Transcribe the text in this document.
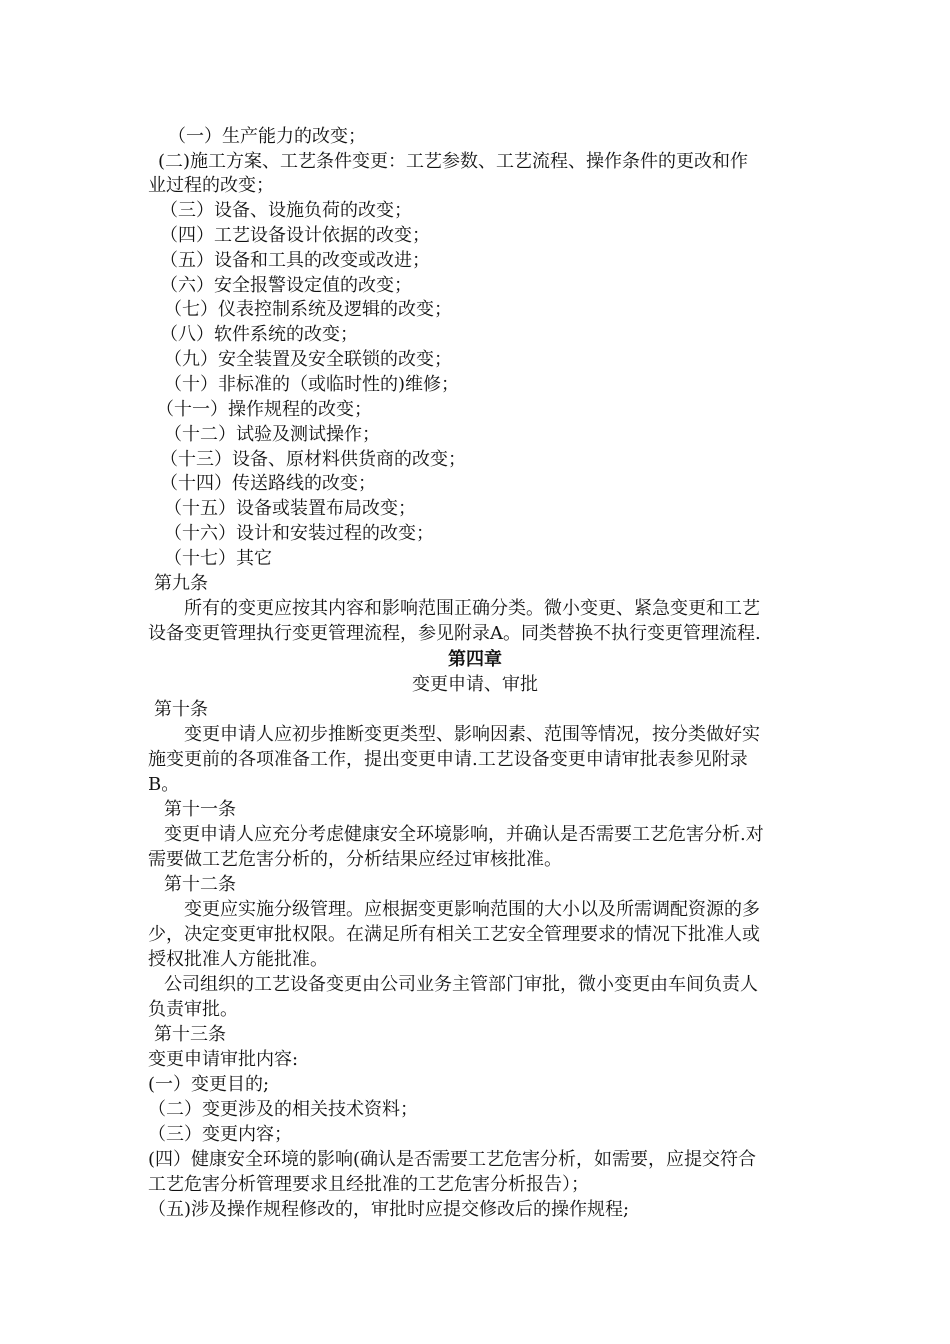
（一）生产能力的改变；
(二)施工方案、工艺条件变更：工艺参数、工艺流程、操作条件的更改和作
业过程的改变；
（三）设备、设施负荷的改变；
（四）工艺设备设计依据的改变；
（五）设备和工具的改变或改进；
（六）安全报警设定值的改变；
（七）仪表控制系统及逻辑的改变；
（八）软件系统的改变；
（九）安全装置及安全联锁的改变；
（十）非标准的（或临时性的)维修；
（十一）操作规程的改变；
（十二）试验及测试操作；
（十三）设备、原材料供货商的改变；
（十四）传送路线的改变；
（十五）设备或装置布局改变；
（十六）设计和安装过程的改变；
（十七）其它
第九条
所有的变更应按其内容和影响范围正确分类。微小变更、紧急变更和工艺
设备变更管理执行变更管理流程，参见附录A。同类替换不执行变更管理流程.
第四章
变更申请、审批
第十条
变更申请人应初步推断变更类型、影响因素、范围等情况，按分类做好实
施变更前的各项准备工作，提出变更申请.工艺设备变更申请审批表参见附录
B。
第十一条
变更申请人应充分考虑健康安全环境影响，并确认是否需要工艺危害分析.对
需要做工艺危害分析的，分析结果应经过审核批准。
第十二条
变更应实施分级管理。应根据变更影响范围的大小以及所需调配资源的多
少，决定变更审批权限。在满足所有相关工艺安全管理要求的情况下批准人或
授权批准人方能批准。
公司组织的工艺设备变更由公司业务主管部门审批，微小变更由车间负责人
负责审批。
第十三条
变更申请审批内容:
(一）变更目的;
（二）变更涉及的相关技术资料；
（三）变更内容；
(四）健康安全环境的影响(确认是否需要工艺危害分析，如需要，应提交符合
工艺危害分析管理要求且经批准的工艺危害分析报告）；
（五)涉及操作规程修改的，审批时应提交修改后的操作规程;
